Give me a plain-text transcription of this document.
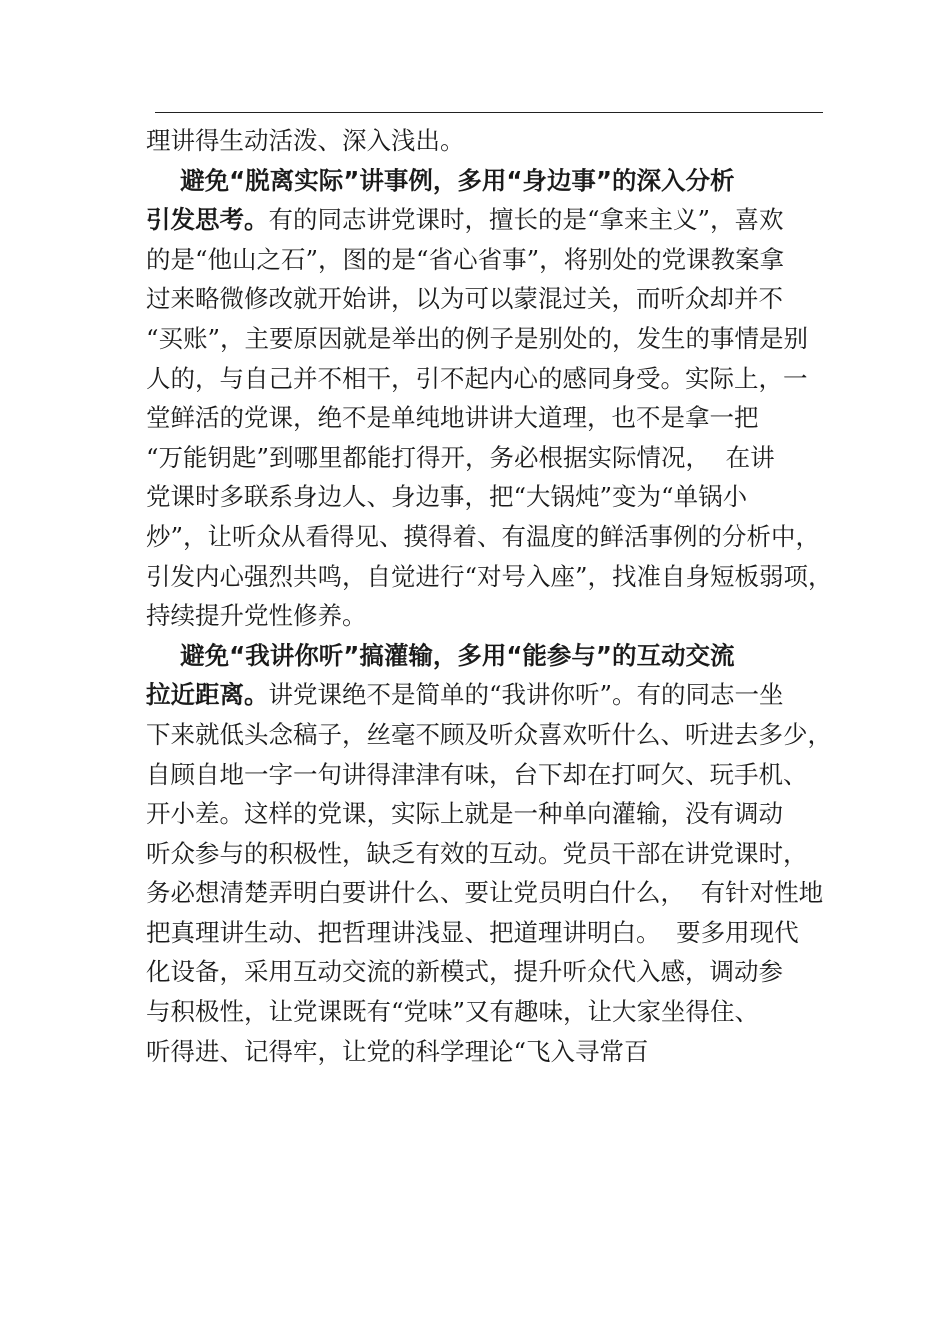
理讲得生动活泼、深入浅出。
避免“脱离实际”讲事例，多用“身边事”的深入分析
引发思考。有的同志讲党课时，擅长的是“拿来主义”，喜欢
的是“他山之石”，图的是“省心省事”，将别处的党课教案拿
过来略微修改就开始讲，以为可以蒙混过关，而听众却并不
“买账”，主要原因就是举出的例子是别处的，发生的事情是别
人的，与自己并不相干，引不起内心的感同身受。实际上，一
堂鲜活的党课，绝不是单纯地讲讲大道理，也不是拿一把
“万能钥匙”到哪里都能打得开，务必根据实际情况，  在讲
党课时多联系身边人、身边事，把“大锅炖”变为“单锅小
炒”，让听众从看得见、摸得着、有温度的鲜活事例的分析中，
引发内心强烈共鸣，自觉进行“对号入座”，找准自身短板弱项，
持续提升党性修养。
避免“我讲你听”搞灌输，多用“能参与”的互动交流
拉近距离。讲党课绝不是简单的“我讲你听”。有的同志一坐
下来就低头念稿子，丝毫不顾及听众喜欢听什么、听进去多少，
自顾自地一字一句讲得津津有味，台下却在打呵欠、玩手机、
开小差。这样的党课，实际上就是一种单向灌输，没有调动
听众参与的积极性，缺乏有效的互动。党员干部在讲党课时，
务必想清楚弄明白要讲什么、要让党员明白什么，  有针对性地
把真理讲生动、把哲理讲浅显、把道理讲明白。  要多用现代
化设备，采用互动交流的新模式，提升听众代入感，调动参
与积极性，让党课既有“党味”又有趣味，让大家坐得住、
听得进、记得牢，让党的科学理论“飞入寻常百
